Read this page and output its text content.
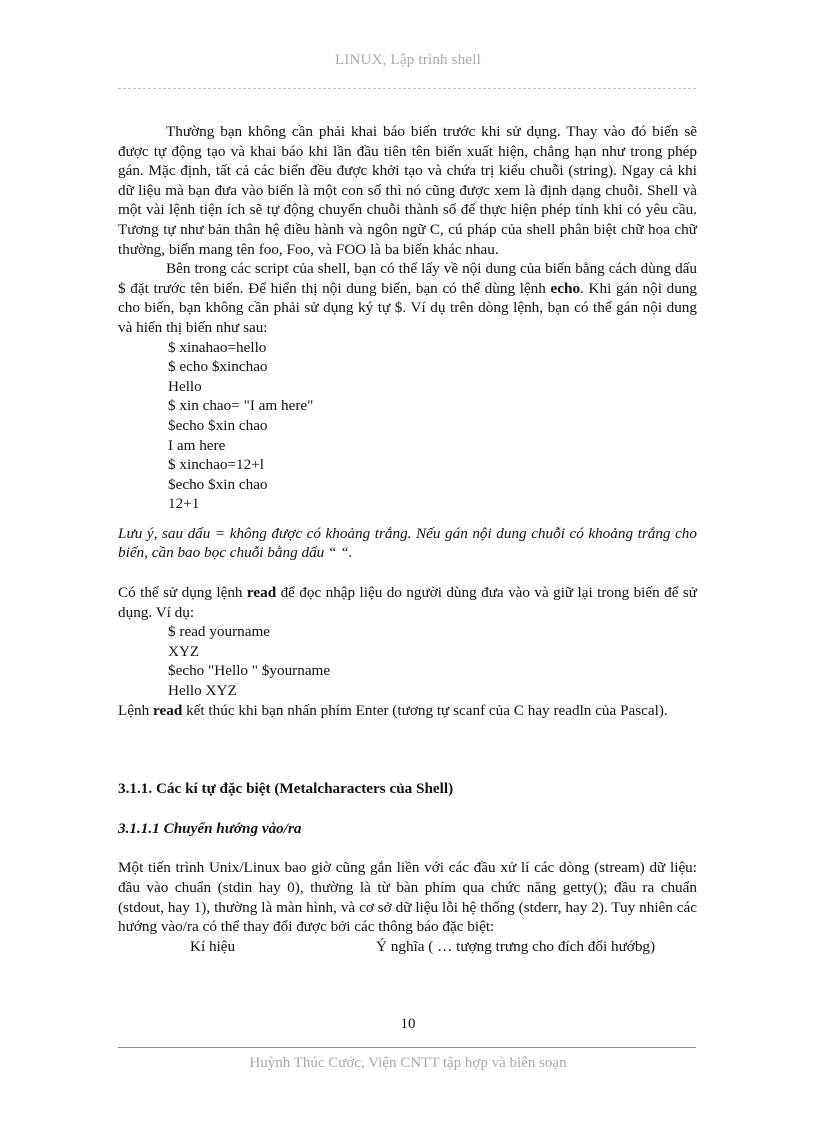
LINUX, Lập trình shell

Thường bạn không cần phải khai báo biến trước khi sử dụng. Thay vào đó biến sẽ được tự động tạo và khai báo khi lần đầu tiên tên biến xuất hiện, chẳng hạn như trong phép gán. Mặc định, tất cả các biến đều được khởi tạo và chứa trị kiểu chuỗi (string). Ngay cả khi dữ liệu mà bạn đưa vào biến là một con số thì nó cũng được xem là định dạng chuỗi. Shell và một vài lệnh tiện ích sẽ tự động chuyển chuỗi thành số để thực hiện phép tính khi có yêu cầu. Tương tự như bản thân hệ điều hành và ngôn ngữ C, cú pháp của shell phân biệt chữ hoa chữ thường, biến mang tên foo, Foo, và FOO là ba biến khác nhau.

Bên trong các script của shell, bạn có thể lấy về nội dung của biến bằng cách dùng dấu $ đặt trước tên biến. Để hiển thị nội dung biến, bạn có thể dùng lệnh echo. Khi gán nội dung cho biến, bạn không cần phải sử dụng ký tự $. Ví dụ trên dòng lệnh, bạn có thể gán nội dung và hiển thị biến như sau:

$ xinahao=hello
$ echo $xinchao
Hello
$ xin chao= "I am here"
$echo $xin chao
I am here
$ xinchao=12+l
$echo $xin chao
12+1

Lưu ý, sau dấu = không được có khoảng trắng. Nếu gán nội dung chuỗi có khoảng trắng cho biến, cần bao bọc chuỗi bằng dấu “ “.

Có thể sử dụng lệnh read để đọc nhập liệu do người dùng đưa vào và giữ lại trong biến để sử dụng. Ví dụ:

$ read yourname
XYZ
$echo "Hello " $yourname
Hello XYZ

Lệnh read kết thúc khi bạn nhấn phím Enter (tương tự scanf của C hay readln của Pascal).

3.1.1. Các kí tự đặc biệt (Metalcharacters của Shell)

3.1.1.1 Chuyển hướng vào/ra

Một tiến trình Unix/Linux bao giờ cũng gắn liền với các đầu xử lí các dòng (stream) dữ liệu: đầu vào chuẩn (stdin hay 0), thường là từ bàn phím qua chức năng getty(); đầu ra chuẩn (stdout, hay 1), thường là màn hình, và cơ sở dữ liệu lỗi hệ thống (stderr, hay 2). Tuy nhiên các hướng vào/ra có thể thay đổi được bởi các thông báo đặc biệt:

Kí hiệu	Ý nghĩa ( … tượng trưng cho đích đổi hướbg)
10
Huỳnh Thúc Cước, Viện CNTT tập hợp và biên soạn
